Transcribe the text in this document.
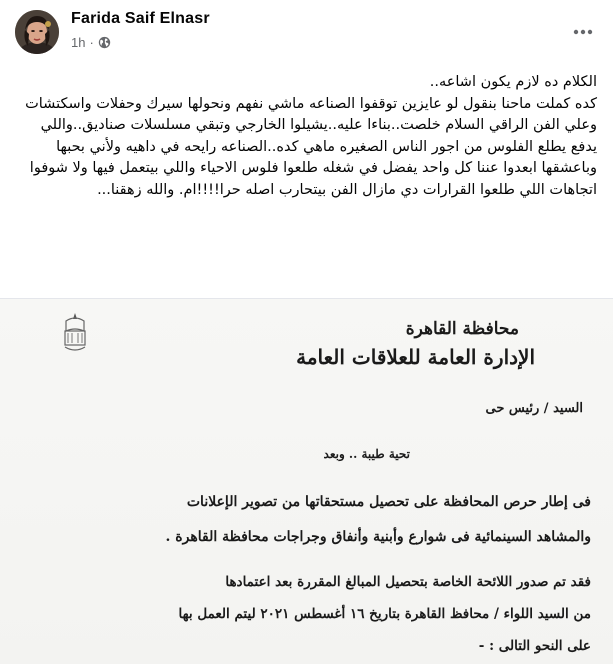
Farida Saif Elnasr
1h ·
الكلام ده لازم يكون اشاعه..
كده كملت ماحنا بنقول لو عايزين توقفوا الصناعه ماشي نفهم ونحولها سيرك وحفلات واسكتشات وعلي الفن الراقي السلام خلصت..بناءا عليه..يشيلوا الخارجي وتبقي مسلسلات صناديق..واللي يدفع يطلع الفلوس من اجور الناس الصغيره ماهي كده..الصناعه رايحه في داهيه ولأني بحبها وباعشقها ابعدوا عننا كل واحد يفضل في شغله طلعوا فلوس الاحياء واللي بيتعمل فيها ولا شوفوا اتجاهات اللي طلعوا القرارات دي مازال الفن بيتحارب اصله حرا!!!!ام. والله زهقنا...
محافظة القاهرة
الإدارة العامة للعلاقات العامة
السيد / رئيس حى
تحية طيبة .. وبعد
فى إطار حرص المحافظة على تحصيل مستحقاتها من تصوير الإعلانات
والمشاهد السينمائية فى شوارع وأبنية وأنفاق وجراجات محافظة القاهرة .
فقد تم صدور اللائحة الخاصة بتحصيل المبالغ المقررة بعد اعتمادها
من السيد اللواء / محافظ القاهرة بتاريخ ١٦ أغسطس ٢٠٢١ ليتم العمل بها
على النحو التالى : -
